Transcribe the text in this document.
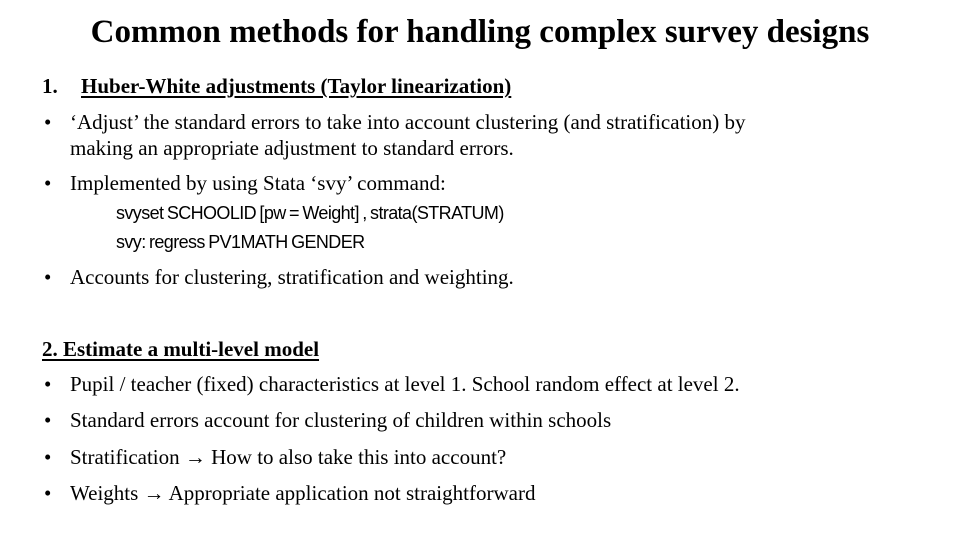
Common methods for handling complex survey designs
1. Huber-White adjustments (Taylor linearization)
• ‘Adjust’ the standard errors to take into account clustering (and stratification) by
making an appropriate adjustment to standard errors.
• Implemented by using Stata ‘svy’ command:
svyset SCHOOLID [pw = Weight] , strata(STRATUM)
svy: regress PV1MATH GENDER
• Accounts for clustering, stratification and weighting.
2. Estimate a multi-level model
• Pupil / teacher (fixed) characteristics at level 1. School random effect at level 2.
• Standard errors account for clustering of children within schools
• Stratification → How to also take this into account?
• Weights → Appropriate application not straightforward
